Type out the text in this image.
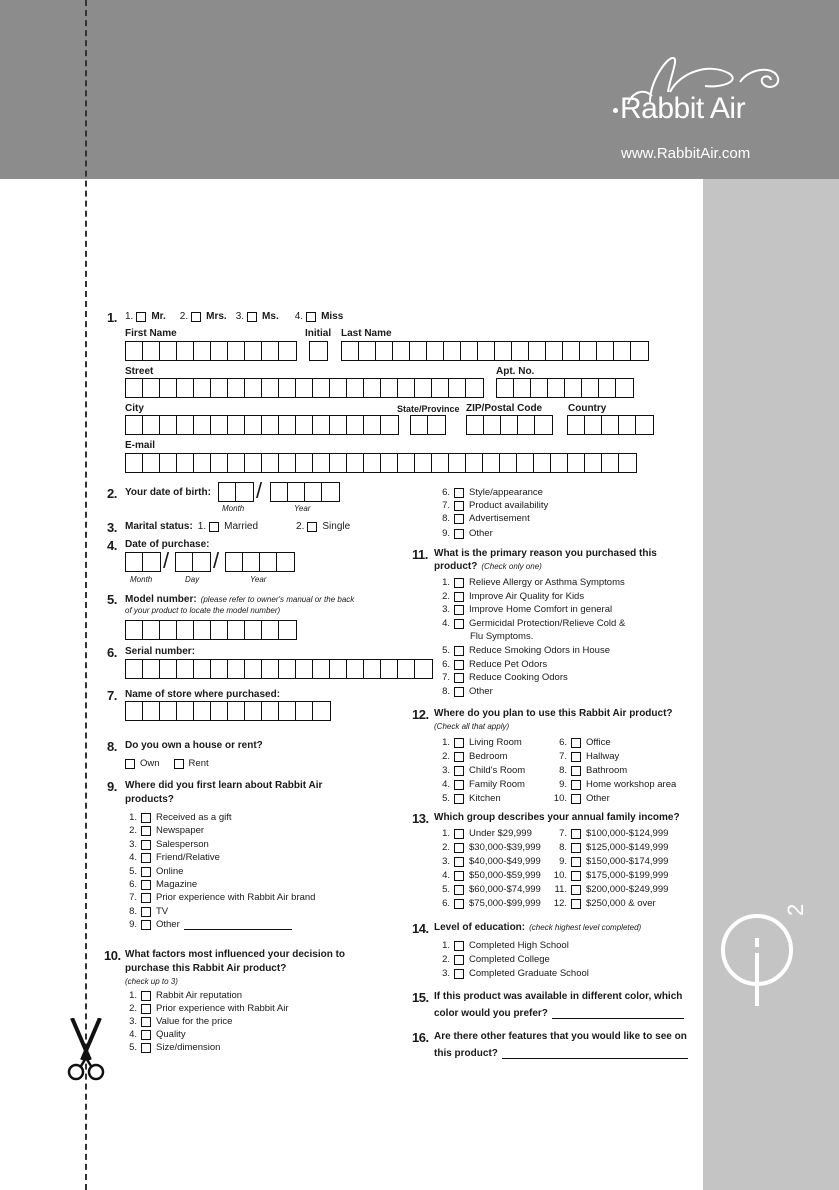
Rabbit Air
www.RabbitAir.com
2
1. 1. Mr. 2. Mrs. 3. Ms. 4. Miss
First Name	Initial Last Name
Street	Apt. No.
City	State/Province ZIP/Postal Code	Country
E-mail
2. Your date of birth: /
Month	Year
3. Marital status: 1. Married	2. Single
4. Date of purchase:
/ /
Month	Day	Year
5. Model number: (please refer to owner's manual or the back
of your product to locate the model number)
6. Serial number:
7. Name of store where purchased:
8. Do you own a house or rent?
Own	Rent
9. Where did you first learn about Rabbit Air
products?
1. Received as a gift
2. Newspaper
3. Salesperson
4. Friend/Relative
5. Online
6. Magazine
7. Prior experience with Rabbit Air brand
8. TV
9. Other
10. What factors most influenced your decision to
purchase this Rabbit Air product?
(check up to 3)
1. Rabbit Air reputation
2. Prior experience with Rabbit Air
3. Value for the price
4. Quality
5. Size/dimension
6. Style/appearance
7. Product availability
8. Advertisement
9. Other
11. What is the primary reason you purchased this
product? (Check only one)
1. Relieve Allergy or Asthma Symptoms
2. Improve Air Quality for Kids
3. Improve Home Comfort in general
4. Germicidal Protection/Relieve Cold &
Flu Symptoms.
5. Reduce Smoking Odors in House
6. Reduce Pet Odors
7. Reduce Cooking Odors
8. Other
12. Where do you plan to use this Rabbit Air product?
(Check all that apply)
1. Living Room
2. Bedroom
3. Child's Room
4. Family Room
5. Kitchen
6. Office
7. Hallway
8. Bathroom
9. Home workshop area
10. Other
13. Which group describes your annual family income?
1. Under $29,999
2. $30,000-$39,999
3. $40,000-$49,999
4. $50,000-$59,999
5. $60,000-$74,999
6. $75,000-$99,999
7. $100,000-$124,999
8. $125,000-$149,999
9. $150,000-$174,999
10. $175,000-$199,999
11. $200,000-$249,999
12. $250,000 & over
14. Level of education: (check highest level completed)
1. Completed High School
2. Completed College
3. Completed Graduate School
15. If this product was available in different color, which
color would you prefer?
16. Are there other features that you would like to see on
this product?
